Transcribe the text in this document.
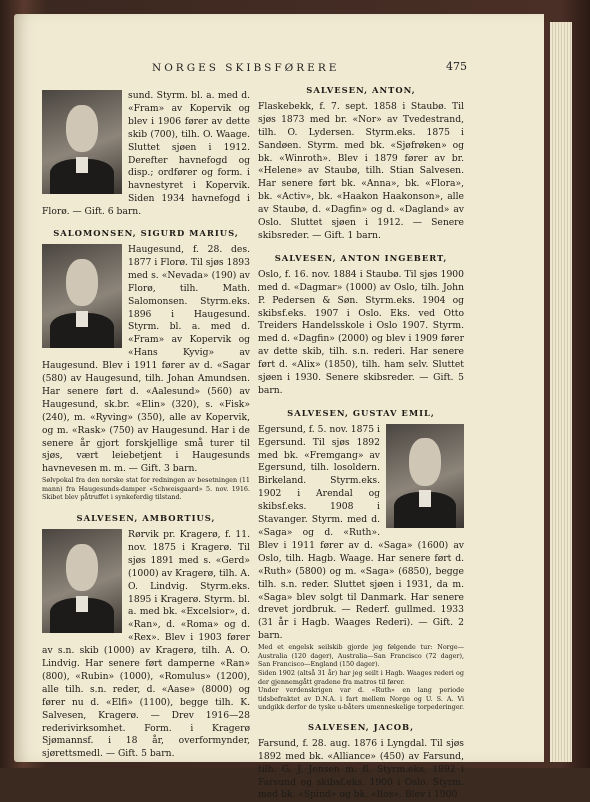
NORGES SKIBSFØRERE	475

sund. Styrm. bl. a. med d. «Fram» av Kopervik og blev i 1906 fører av dette skib (700), tilh. O. Waage. Sluttet sjøen i 1912. Derefter havnefogd og disp.; ordfører og form. i havnestyret i Kopervik. Siden 1934 havnefogd i Florø. — Gift. 6 barn.

SALOMONSEN, SIGURD MARIUS,

Haugesund, f. 28. des. 1877 i Florø. Til sjøs 1893 med s. «Nevada» (190) av Florø, tilh. Math. Salomonsen. Styrm.eks. 1896 i Haugesund. Styrm. bl. a. med d. «Fram» av Kopervik og «Hans Kyvig» av Haugesund. Blev i 1911 fører av d. «Sagar (580) av Haugesund, tilh. Johan Amundsen. Har senere ført d. «Aalesund» (560) av Haugesund, sk.br. «Elin» (320), s. «Fisk» (240), m. «Ryving» (350), alle av Kopervik, og m. «Rask» (750) av Haugesund. Har i de senere år gjort forskjellige små turer til sjøs, vært leiebetjent i Haugesunds havnevesen m. m. — Gift. 3 barn.

Sølvpokal fra den norske stat for redningen av besetningen (11 mann) fra Haugesunds-damper «Schweisgaard» 5. nov. 1916. Skibet blev påtruffet i synkeferdig tilstand.

SALVESEN, AMBORTIUS,

Rørvik pr. Kragerø, f. 11. nov. 1875 i Kragerø. Til sjøs 1891 med s. «Gerd» (1000) av Kragerø, tilh. A. O. Lindvig. Styrm.eks. 1895 i Kragerø. Styrm. bl. a. med bk. «Excelsior», d. «Ran», d. «Roma» og d. «Rex». Blev i 1903 fører av s.n. skib (1000) av Kragerø, tilh. A. O. Lindvig. Har senere ført damperne «Ran» (800), «Rubin» (1000), «Romulus» (1200), alle tilh. s.n. reder, d. «Aase» (8000) og fører nu d. «Elfi» (1100), begge tilh. K. Salvesen, Kragerø. — Drev 1916—28 rederivirksomhet. Form. i Kragerø Sjømannsf. i 18 år, overformynder, sjørettsmedl. — Gift. 5 barn.

SALVESEN, ANTON,

Flaskebekk, f. 7. sept. 1858 i Staubø. Til sjøs 1873 med br. «Nor» av Tvedestrand, tilh. O. Lydersen. Styrm.eks. 1875 i Sandøen. Styrm. med bk. «Sjøfrøken» og bk. «Winroth». Blev i 1879 fører av br. «Helene» av Staubø, tilh. Stian Salvesen. Har senere ført bk. «Anna», bk. «Flora», bk. «Activ», bk. «Haakon Haakonson», alle av Staubø, d. «Dagfin» og d. «Dagland» av Oslo. Sluttet sjøen i 1912. — Senere skibsreder. — Gift. 1 barn.

SALVESEN, ANTON INGEBERT,

Oslo, f. 16. nov. 1884 i Staubø. Til sjøs 1900 med d. «Dagmar» (1000) av Oslo, tilh. John P. Pedersen & Søn. Styrm.eks. 1904 og skibsf.eks. 1907 i Oslo. Eks. ved Otto Treiders Handelsskole i Oslo 1907. Styrm. med d. «Dagfin» (2000) og blev i 1909 fører av dette skib, tilh. s.n. rederi. Har senere ført d. «Alix» (1850), tilh. ham selv. Sluttet sjøen i 1930. Senere skibsreder. — Gift. 5 barn.

SALVESEN, GUSTAV EMIL,

Egersund, f. 5. nov. 1875 i Egersund. Til sjøs 1892 med bk. «Fremgang» av Egersund, tilh. losoldern. Birkeland. Styrm.eks. 1902 i Arendal og skibsf.eks. 1908 i Stavanger. Styrm. med d. «Saga» og d. «Ruth». Blev i 1911 fører av d. «Saga» (1600) av Oslo, tilh. Hagb. Waage. Har senere ført d. «Ruth» (5800) og m. «Saga» (6850), begge tilh. s.n. reder. Sluttet sjøen i 1931, da m. «Saga» blev solgt til Danmark. Har senere drevet jordbruk. — Rederf. gullmed. 1933 (31 år i Hagb. Waages Rederi). — Gift. 2 barn.

Med et engelsk seilskib gjorde jeg følgende tur: Norge—Australia (120 dager), Australia—San Francisco (72 dager), San Francisco—England (150 dager).

Siden 1902 (altså 31 år) har jeg seilt i Hagb. Waages rederi og der gjennemgått gradene fra matros til fører.

Under verdenskrigen var d. «Ruth» en lang periode tidsbefraktet av D.N.A. i fart mellem Norge og U. S. A. Vi undgikk derfor de tyske u-båters umenneskelige torpederinger.

SALVESEN, JACOB,

Farsund, f. 28. aug. 1876 i Lyngdal. Til sjøs 1892 med bk. «Alliance» (450) av Farsund, tilh. G. J. Jensen m. fl. Styrm.eks. 1892 i Farsund og skibsf.eks. 1900 i Oslo. Styrm. med bk. «Spind» og bk. «Ilos». Blev i 1900
